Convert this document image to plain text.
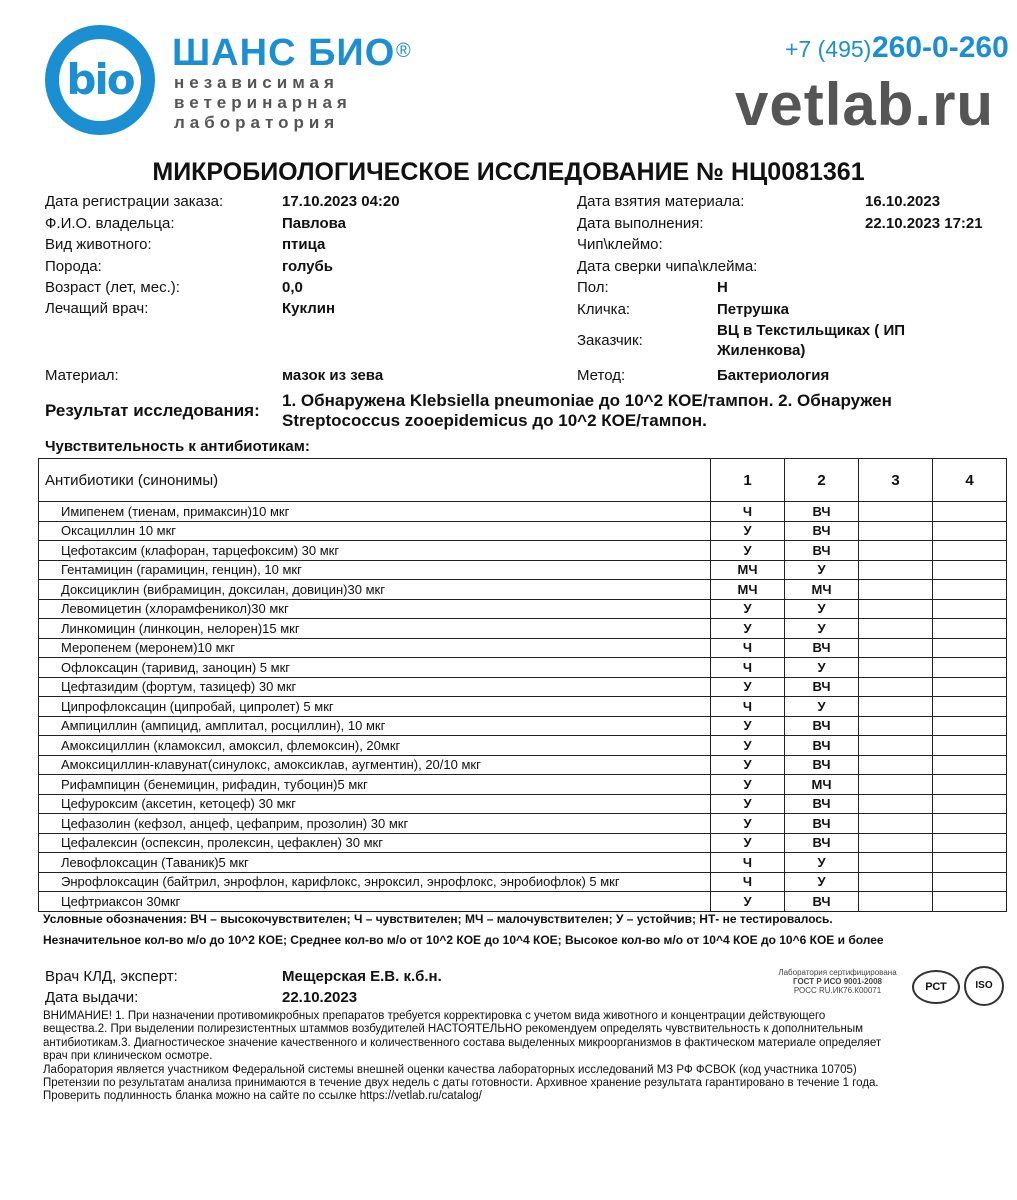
bio
ШАНС БИО ®
независимая
ветеринарная
лаборатория
+7 (495) 260-0-260
vetlab.ru
МИКРОБИОЛОГИЧЕСКОЕ ИССЛЕДОВАНИЕ № НЦ0081361
Дата регистрации заказа:	17.10.2023 04:20
Ф.И.О. владельца:	Павлова
Вид животного:	птица
Порода:	голубь
Возраст (лет, мес.):	0,0
Лечащий врач:	Куклин
Дата взятия материала:	16.10.2023
Дата выполнения:	22.10.2023 17:21
Чип\клеймо:
Дата сверки чипа\клейма:
Пол:	Н
Кличка:	Петрушка
Заказчик:
ВЦ в Текстильщиках ( ИП
Жиленкова)
Материал:	мазок из зева	Метод:	Бактериология
Результат исследования:
1. Обнаружена Klebsiella pneumoniae до 10^2 КОЕ/тампон. 2. Обнаружен
Streptococcus zooepidemicus до 10^2 КОЕ/тампон.
Чувствительность к антибиотикам:
Антибиотики (синонимы)	1	2	3	4
Имипенем (тиенам, примаксин)10 мкг	Ч	ВЧ		
Оксациллин 10 мкг	У	ВЧ		
Цефотаксим (клафоран, тарцефоксим) 30 мкг	У	ВЧ		
Гентамицин (гарамицин, генцин), 10 мкг	МЧ	У		
Доксициклин (вибрамицин, доксилан, довицин)30 мкг	МЧ	МЧ		
Левомицетин (хлорамфеникол)30 мкг	У	У		
Линкомицин (линкоцин, нелорен)15 мкг	У	У		
Меропенем (меронем)10 мкг	Ч	ВЧ		
Офлоксацин (таривид, заноцин) 5 мкг	Ч	У		
Цефтазидим (фортум, тазицеф) 30 мкг	У	ВЧ		
Ципрофлоксацин (ципробай, ципролет) 5 мкг	Ч	У		
Ампициллин (ампицид, амплитал, росциллин), 10 мкг	У	ВЧ		
Амоксициллин (кламоксил, амоксил, флемоксин), 20мкг	У	ВЧ		
Амоксициллин-клавунат(синулокс, амоксиклав, аугментин), 20/10 мкг	У	ВЧ		
Рифампицин (бенемицин, рифадин, тубоцин)5 мкг	У	МЧ		
Цефуроксим (аксетин, кетоцеф) 30 мкг	У	ВЧ		
Цефазолин (кефзол, анцеф, цефаприм, прозолин) 30 мкг	У	ВЧ		
Цефалексин (оспексин, пролексин, цефаклен) 30 мкг	У	ВЧ		
Левофлоксацин (Таваник)5 мкг	Ч	У		
Энрофлоксацин (байтрил, энрофлон, карифлокс, энроксил, энрофлокс, энробиофлок) 5 мкг	Ч	У		
Цефтриаксон 30мкг	У	ВЧ		
Условные обозначения: ВЧ – высокочувствителен; Ч – чувствителен; МЧ – малочувствителен; У – устойчив; НТ- не тестировалось.
Незначительное кол-во м/о до 10^2 КОЕ; Среднее кол-во м/о от 10^2 КОЕ до 10^4 КОЕ; Высокое кол-во м/о от 10^4 КОЕ до 10^6 КОЕ и более
Врач КЛД, эксперт:	Мещерская Е.В. к.б.н.
Дата выдачи:	22.10.2023
Лаборатория сертифицирована
ГОСТ Р ИСО 9001-2008
РОСС RU.ИК76.К00071	РСТ	ISO

ВНИМАНИЕ! 1. При назначении противомикробных препаратов требуется корректировка с учетом вида животного и концентрации действующего

вещества.2. При выделении полирезистентных штаммов возбудителей НАСТОЯТЕЛЬНО рекомендуем определять чувствительность к дополнительным

антибиотикам.3. Диагностическое значение качественного и количественного состава выделенных микроорганизмов в фактическом материале определяет

врач при клиническом осмотре.

Лаборатория является участником Федеральной системы внешней оценки качества лабораторных исследований МЗ РФ ФСВОК (код участника 10705)

Претензии по результатам анализа принимаются в течение двух недель с даты готовности. Архивное хранение результата гарантировано в течение 1 года.

Проверить подлинность бланка можно на сайте по ссылке https://vetlab.ru/catalog/
